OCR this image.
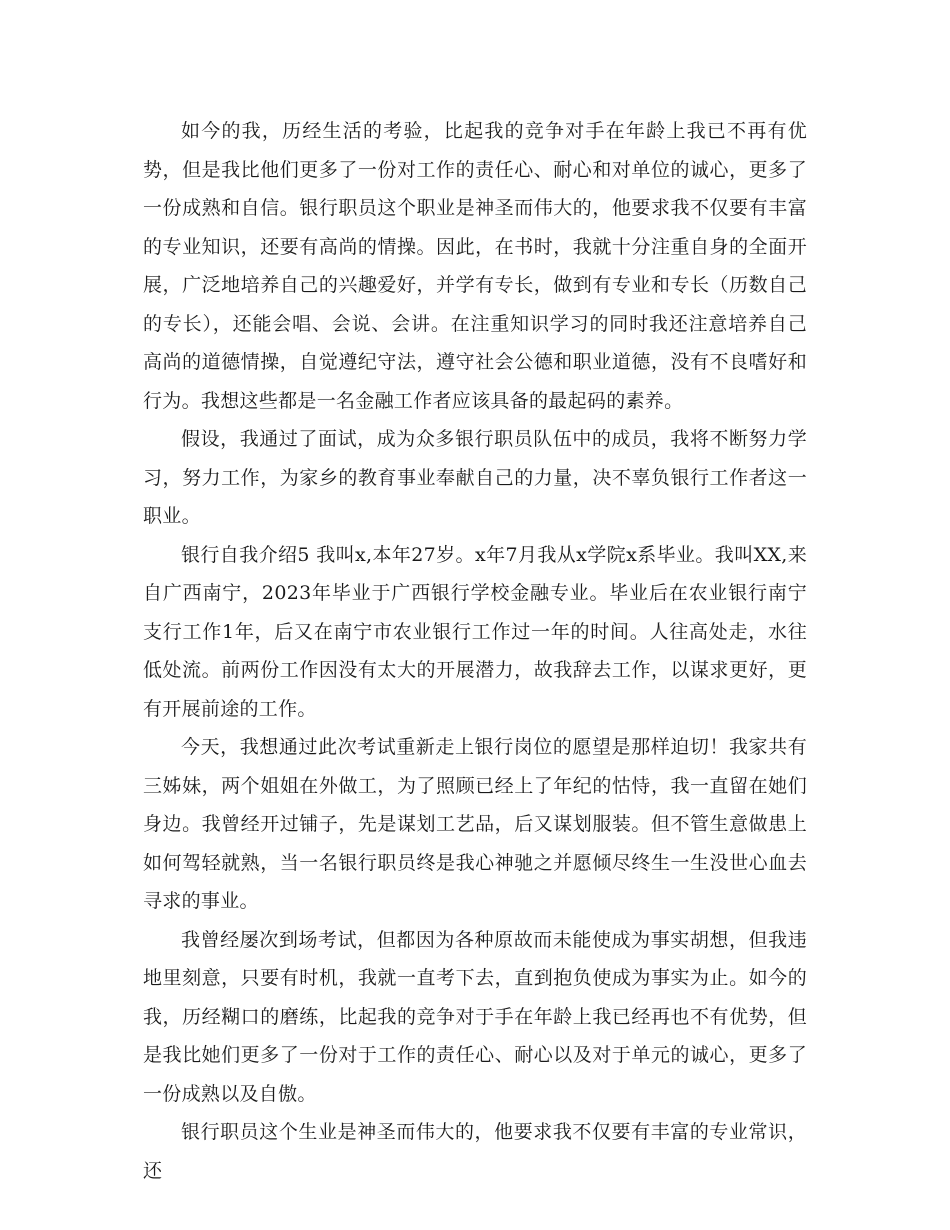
如今的我，历经生活的考验，比起我的竞争对手在年龄上我已不再有优势，但是我比他们更多了一份对工作的责任心、耐心和对单位的诚心，更多了一份成熟和自信。银行职员这个职业是神圣而伟大的，他要求我不仅要有丰富的专业知识，还要有高尚的情操。因此，在书时，我就十分注重自身的全面开展，广泛地培养自己的兴趣爱好，并学有专长，做到有专业和专长（历数自己的专长），还能会唱、会说、会讲。在注重知识学习的同时我还注意培养自己高尚的道德情操，自觉遵纪守法，遵守社会公德和职业道德，没有不良嗜好和行为。我想这些都是一名金融工作者应该具备的最起码的素养。

假设，我通过了面试，成为众多银行职员队伍中的成员，我将不断努力学习，努力工作，为家乡的教育事业奉献自己的力量，决不辜负银行工作者这一职业。

银行自我介绍5 我叫x,本年27岁。x年7月我从x学院x系毕业。我叫XX,来自广西南宁，2023年毕业于广西银行学校金融专业。毕业后在农业银行南宁支行工作1年，后又在南宁市农业银行工作过一年的时间。人往高处走，水往低处流。前两份工作因没有太大的开展潜力，故我辞去工作，以谋求更好，更有开展前途的工作。

今天，我想通过此次考试重新走上银行岗位的愿望是那样迫切！我家共有三姊妹，两个姐姐在外做工，为了照顾已经上了年纪的怙恃，我一直留在她们身边。我曾经开过铺子，先是谋划工艺品，后又谋划服装。但不管生意做患上如何驾轻就熟，当一名银行职员终是我心神驰之并愿倾尽终生一生没世心血去寻求的事业。

我曾经屡次到场考试，但都因为各种原故而未能使成为事实胡想，但我违地里刻意，只要有时机，我就一直考下去，直到抱负使成为事实为止。如今的我，历经糊口的磨练，比起我的竞争对于手在年龄上我已经再也不有优势，但是我比她们更多了一份对于工作的责任心、耐心以及对于单元的诚心，更多了一份成熟以及自傲。

银行职员这个生业是神圣而伟大的，他要求我不仅要有丰富的专业常识，还
